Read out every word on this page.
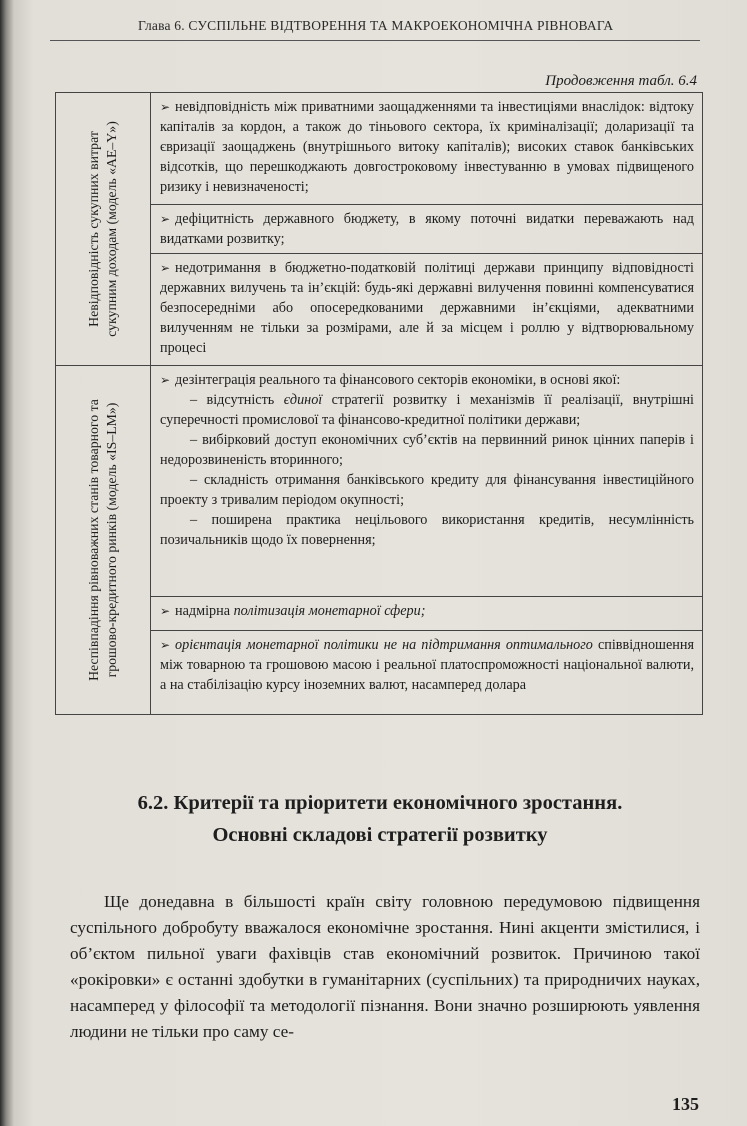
Глава 6. СУСПІЛЬНЕ ВІДТВОРЕННЯ ТА МАКРОЕКОНОМІЧНА РІВНОВАГА
Продовження табл. 6.4
Невідповідність сукупних витрат сукупним доходам (модель «AE–Y»)	➢ невідповідність між приватними заощадженнями та інвестиціями внаслідок: відтоку капіталів за кордон, а також до тіньового сектора, їх криміналізації; доларизації та євризації заощаджень (внутрішнього витоку капіталів); високих ставок банківських відсотків, що перешкоджають довгостроковому інвестуванню в умовах підвищеного ризику і невизначеності;
	➢ дефіцитність державного бюджету, в якому поточні видатки переважають над видатками розвитку;
	➢ недотримання в бюджетно-податковій політиці держави принципу відповідності державних вилучень та ін’єкцій: будь-які державні вилучення повинні компенсуватися безпосередніми або опосередкованими державними ін’єкціями, адекватними вилученням не тільки за розмірами, але й за місцем і роллю у відтворювальному процесі

Неспівпадіння рівноважних станів товарного та грошово-кредитного ринків (модель «IS–LM»)	➢ дезінтеграція реального та фінансового секторів економіки, в основі якої:
– відсутність єдиної стратегії розвитку і механізмів її реалізації, внутрішні суперечності промислової та фінансово-кредитної політики держави;
– вибірковий доступ економічних суб’єктів на первинний ринок цінних паперів і недорозвиненість вторинного;
– складність отримання банківського кредиту для фінансування інвестиційного проекту з тривалим періодом окупності;
– поширена практика нецільового використання кредитів, несумлінність позичальників щодо їх повернення;

	➢ надмірна політизація монетарної сфери;
	➢ орієнтація монетарної політики не на підтримання оптимального співвідношення між товарною та грошовою масою і реальної платоспроможності національної валюти, а на стабілізацію курсу іноземних валют, насамперед долара
6.2. Критерії та пріоритети економічного зростання.
Основні складові стратегії розвитку
Ще донедавна в більшості країн світу головною передумовою підвищення суспільного добробуту вважалося економічне зростання. Нині акценти змістилися, і об’єктом пильної уваги фахівців став економічний розвиток. Причиною такої «рокіровки» є останні здобутки в гуманітарних (суспільних) та природничих науках, насамперед у філософії та методології пізнання. Вони значно розширюють уявлення людини не тільки про саму се-
135
